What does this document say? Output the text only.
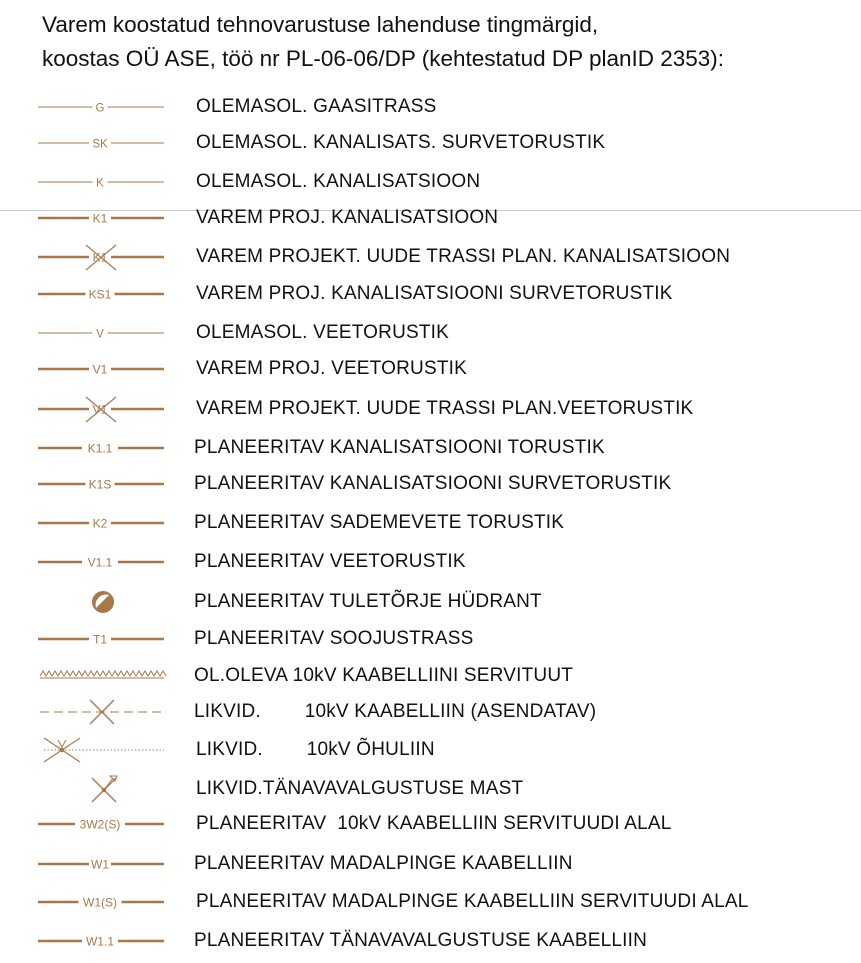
Varem koostatud tehnovarustuse lahenduse tingmärgid,
koostas OÜ ASE, töö nr PL-06-06/DP (kehtestatud DP planID 2353):
G	OLEMASOL. GAASITRASS
SK	OLEMASOL. KANALISATS. SURVETORUSTIK
K	OLEMASOL. KANALISATSIOON
K1	VAREM PROJ. KANALISATSIOON
K1	VAREM PROJEKT. UUDE TRASSI PLAN. KANALISATSIOON
KS1	VAREM PROJ. KANALISATSIOONI SURVETORUSTIK
V	OLEMASOL. VEETORUSTIK
V1	VAREM PROJ. VEETORUSTIK
V1	VAREM PROJEKT. UUDE TRASSI PLAN.VEETORUSTIK
K1.1	PLANEERITAV KANALISATSIOONI TORUSTIK
K1S	PLANEERITAV KANALISATSIOONI SURVETORUSTIK
K2	PLANEERITAV SADEMEVETE TORUSTIK
V1.1	PLANEERITAV VEETORUSTIK
PLANEERITAV TULETÕRJE HÜDRANT
T1	PLANEERITAV SOOJUSTRASS
OL.OLEVA 10kV KAABELLIINI SERVITUUT
LIKVID.        10kV KAABELLIIN (ASENDATAV)
LIKVID.        10kV ÕHULIIN
LIKVID.TÄNAVAVALGUSTUSE MAST
3W2(S)	PLANEERITAV  10kV KAABELLIIN SERVITUUDI ALAL
W1	PLANEERITAV MADALPINGE KAABELLIIN
W1(S)	PLANEERITAV MADALPINGE KAABELLIIN SERVITUUDI ALAL
W1.1	PLANEERITAV TÄNAVAVALGUSTUSE KAABELLIIN
